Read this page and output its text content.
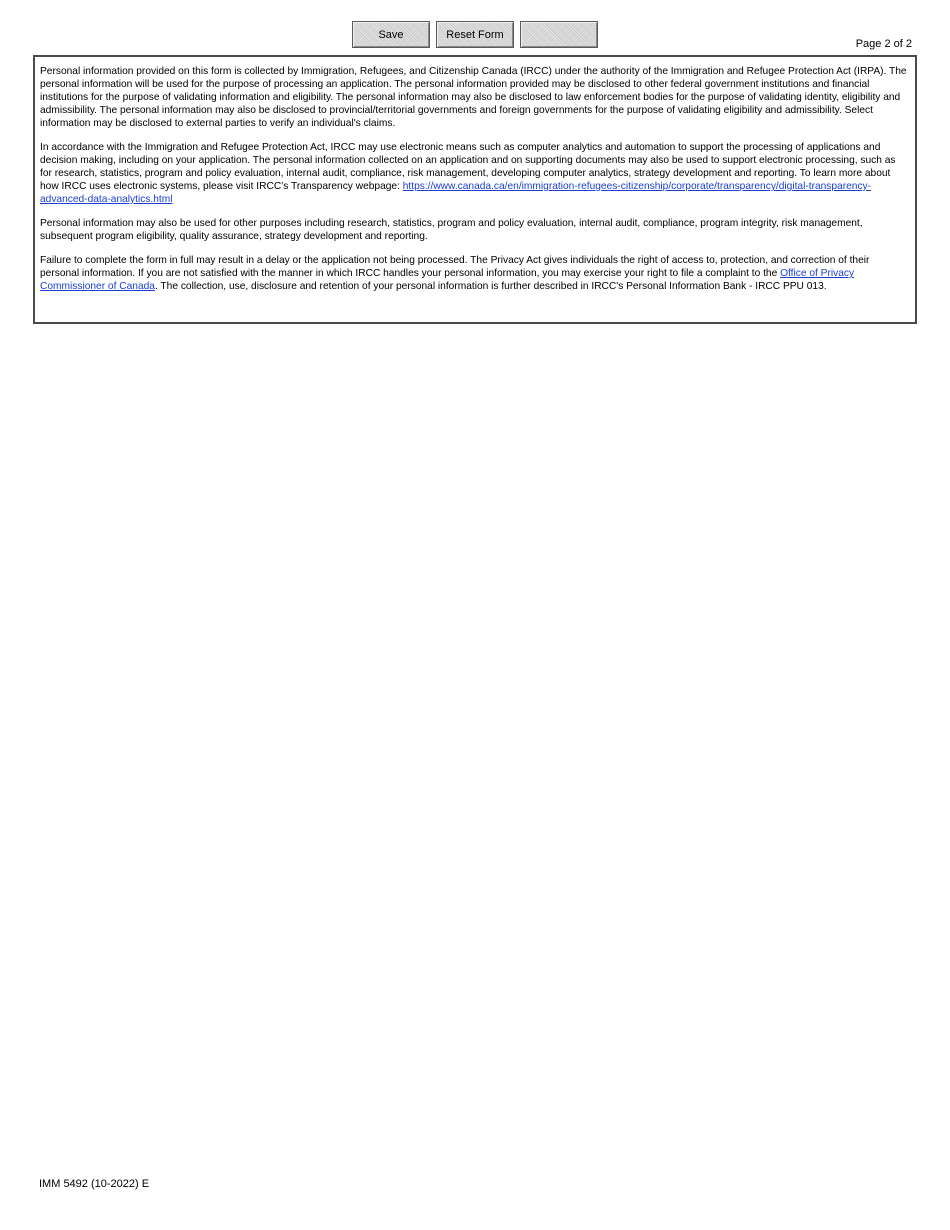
Save	Reset Form
Page 2 of 2

Personal information provided on this form is collected by Immigration, Refugees, and Citizenship Canada (IRCC) under the authority of the Immigration and Refugee Protection Act (IRPA). The personal information will be used for the purpose of processing an application. The personal information provided may be disclosed to other federal government institutions and financial institutions for the purpose of validating information and eligibility. The personal information may also be disclosed to law enforcement bodies for the purpose of validating identity, eligibility and admissibility. The personal information may also be disclosed to provincial/territorial governments and foreign governments for the purpose of validating eligibility and admissibility. Select information may be disclosed to external parties to verify an individual's claims.

In accordance with the Immigration and Refugee Protection Act, IRCC may use electronic means such as computer analytics and automation to support the processing of applications and decision making, including on your application. The personal information collected on an application and on supporting documents may also be used to support electronic processing, such as for research, statistics, program and policy evaluation, internal audit, compliance, risk management, developing computer analytics, strategy development and reporting. To learn more about how IRCC uses electronic systems, please visit IRCC’s Transparency webpage: https://www.canada.ca/en/immigration-refugees-citizenship/corporate/transparency/digital-transparency-advanced-data-analytics.html

Personal information may also be used for other purposes including research, statistics, program and policy evaluation, internal audit, compliance, program integrity, risk management, subsequent program eligibility, quality assurance, strategy development and reporting.

Failure to complete the form in full may result in a delay or the application not being processed. The Privacy Act gives individuals the right of access to, protection, and correction of their personal information. If you are not satisfied with the manner in which IRCC handles your personal information, you may exercise your right to file a complaint to the Office of Privacy Commissioner of Canada. The collection, use, disclosure and retention of your personal information is further described in IRCC's Personal Information Bank - IRCC PPU 013.

IMM 5492 (10-2022) E
